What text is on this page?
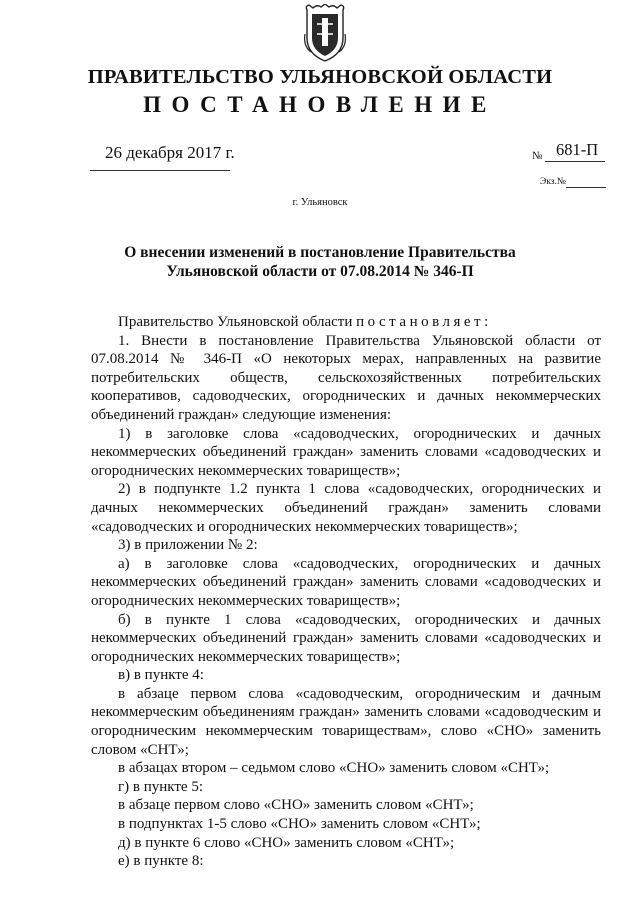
ПРАВИТЕЛЬСТВО УЛЬЯНОВСКОЙ ОБЛАСТИ
ПОСТАНОВЛЕНИЕ
26 декабря 2017 г.	№ 681-П
Экз.№
г. Ульяновск
О внесении изменений в постановление Правительства
Ульяновской области от 07.08.2014 № 346-П

Правительство Ульяновской области постановляет:

1. Внести в постановление Правительства Ульяновской области от 07.08.2014 № 346-П «О некоторых мерах, направленных на развитие потребительских обществ, сельскохозяйственных потребительских кооперативов, садоводческих, огороднических и дачных некоммерческих объединений граждан» следующие изменения:

1) в заголовке слова «садоводческих, огороднических и дачных некоммерческих объединений граждан» заменить словами «садоводческих и огороднических некоммерческих товариществ»;

2) в подпункте 1.2 пункта 1 слова «садоводческих, огороднических и дачных некоммерческих объединений граждан» заменить словами «садоводческих и огороднических некоммерческих товариществ»;

3) в приложении № 2:

а) в заголовке слова «садоводческих, огороднических и дачных некоммерческих объединений граждан» заменить словами «садоводческих и огороднических некоммерческих товариществ»;

б) в пункте 1 слова «садоводческих, огороднических и дачных некоммерческих объединений граждан» заменить словами «садоводческих и огороднических некоммерческих товариществ»;

в) в пункте 4:

в абзаце первом слова «садоводческим, огородническим и дачным некоммерческим объединениям граждан» заменить словами «садоводческим и огородническим некоммерческим товариществам», слово «СНО» заменить словом «СНТ»;

в абзацах втором – седьмом слово «СНО» заменить словом «СНТ»;

г) в пункте 5:

в абзаце первом слово «СНО» заменить словом «СНТ»;

в подпунктах 1-5 слово «СНО» заменить словом «СНТ»;

д) в пункте 6 слово «СНО» заменить словом «СНТ»;

е) в пункте 8:
